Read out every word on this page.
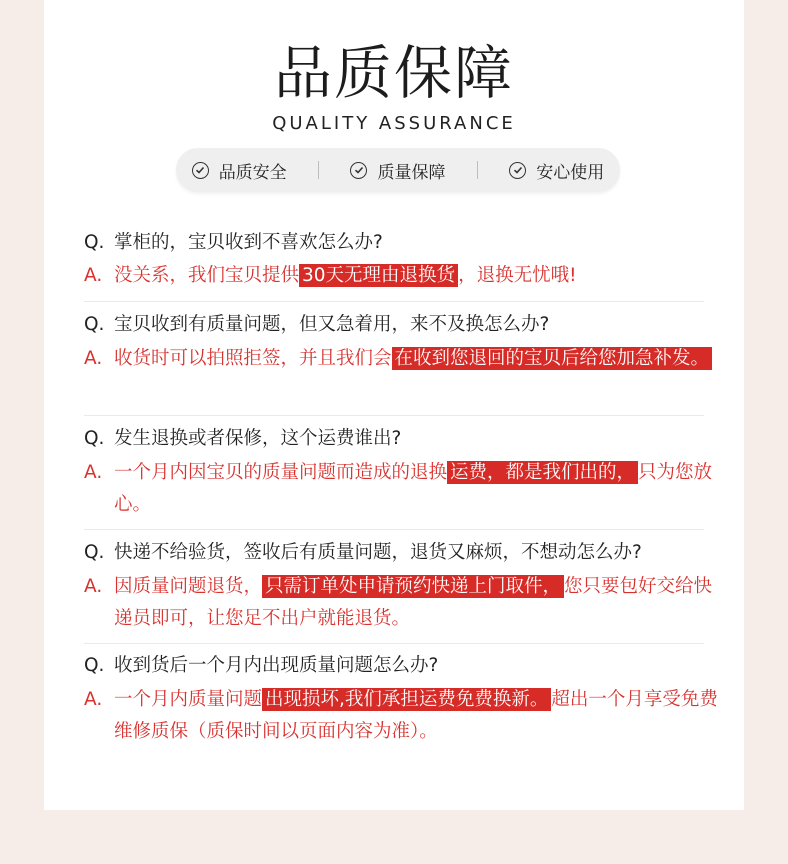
品质保障
QUALITY ASSURANCE
品质安全	质量保障	安心使用
Q. 掌柜的，宝贝收到不喜欢怎么办?
A. 没关系，我们宝贝提供 30天无理由退换货 ，退换无忧哦!
Q. 宝贝收到有质量问题，但又急着用，来不及换怎么办?
A. 收货时可以拍照拒签，并且我们会 在收到您退回的宝贝后给您加急补发。
Q. 发生退换或者保修，这个运费谁出?
A. 一个月内因宝贝的质量问题而造成的退换 运费，都是我们出的， 只为您放心。
Q. 快递不给验货，签收后有质量问题，退货又麻烦，不想动怎么办?
A. 因质量问题退货， 只需订单处申请预约快递上门取件， 您只要包好交给快递员即可，让您足不出户就能退货。
Q. 收到货后一个月内出现质量问题怎么办?
A. 一个月内质量问题 出现损坏,我们承担运费免费换新。 超出一个月享受免费维修质保（质保时间以页面内容为准）。
